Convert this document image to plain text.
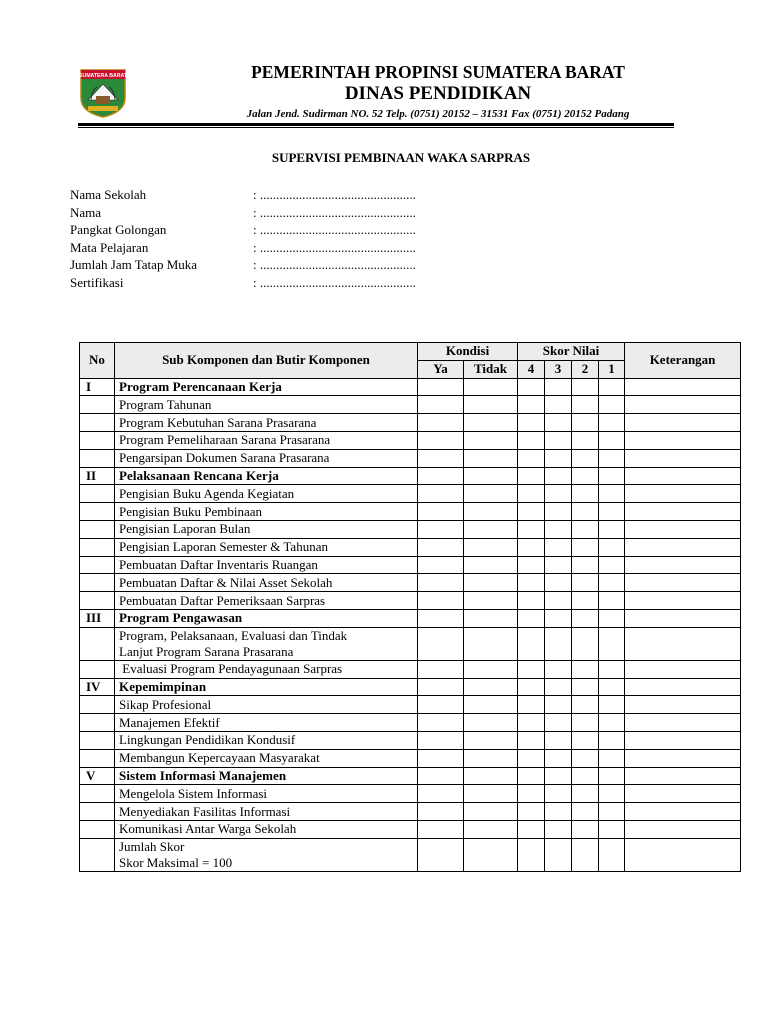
SUMATERA BARAT	PEMERINTAH PROPINSI SUMATERA BARAT
DINAS PENDIDIKAN
Jalan Jend. Sudirman NO. 52 Telp. (0751) 20152 – 31531 Fax (0751) 20152 Padang
SUPERVISI PEMBINAAN WAKA SARPRAS
Nama Sekolah	: ................................................
Nama	: ................................................
Pangkat Golongan	: ................................................
Mata Pelajaran	: ................................................
Jumlah Jam Tatap Muka	: ................................................
Sertifikasi	: ................................................
No	Sub Komponen dan Butir Komponen	Kondisi		Skor Nilai				Keterangan
		Ya	Tidak	4	3	2	1	
I	Program Perencanaan Kerja							
	Program Tahunan							
	Program Kebutuhan Sarana Prasarana							
	Program Pemeliharaan Sarana Prasarana							
	Pengarsipan Dokumen Sarana Prasarana							
II	Pelaksanaan Rencana Kerja							
	Pengisian Buku Agenda Kegiatan							
	Pengisian Buku Pembinaan							
	Pengisian Laporan Bulan							
	Pengisian Laporan Semester & Tahunan							
	Pembuatan Daftar Inventaris Ruangan							
	Pembuatan Daftar & Nilai Asset Sekolah							
	Pembuatan Daftar Pemeriksaan Sarpras							
III	Program Pengawasan							

	Program, Pelaksanaan, Evaluasi dan Tindak
Lanjut Program Sarana Prasarana							

	Evaluasi Program Pendayagunaan Sarpras							
IV	Kepemimpinan							
	Sikap Profesional							
	Manajemen Efektif							
	Lingkungan Pendidikan Kondusif							
	Membangun Kepercayaan Masyarakat							
V	Sistem Informasi Manajemen							
	Mengelola Sistem Informasi							
	Menyediakan Fasilitas Informasi							
	Komunikasi Antar Warga Sekolah							

	Jumlah Skor
Skor Maksimal = 100							
